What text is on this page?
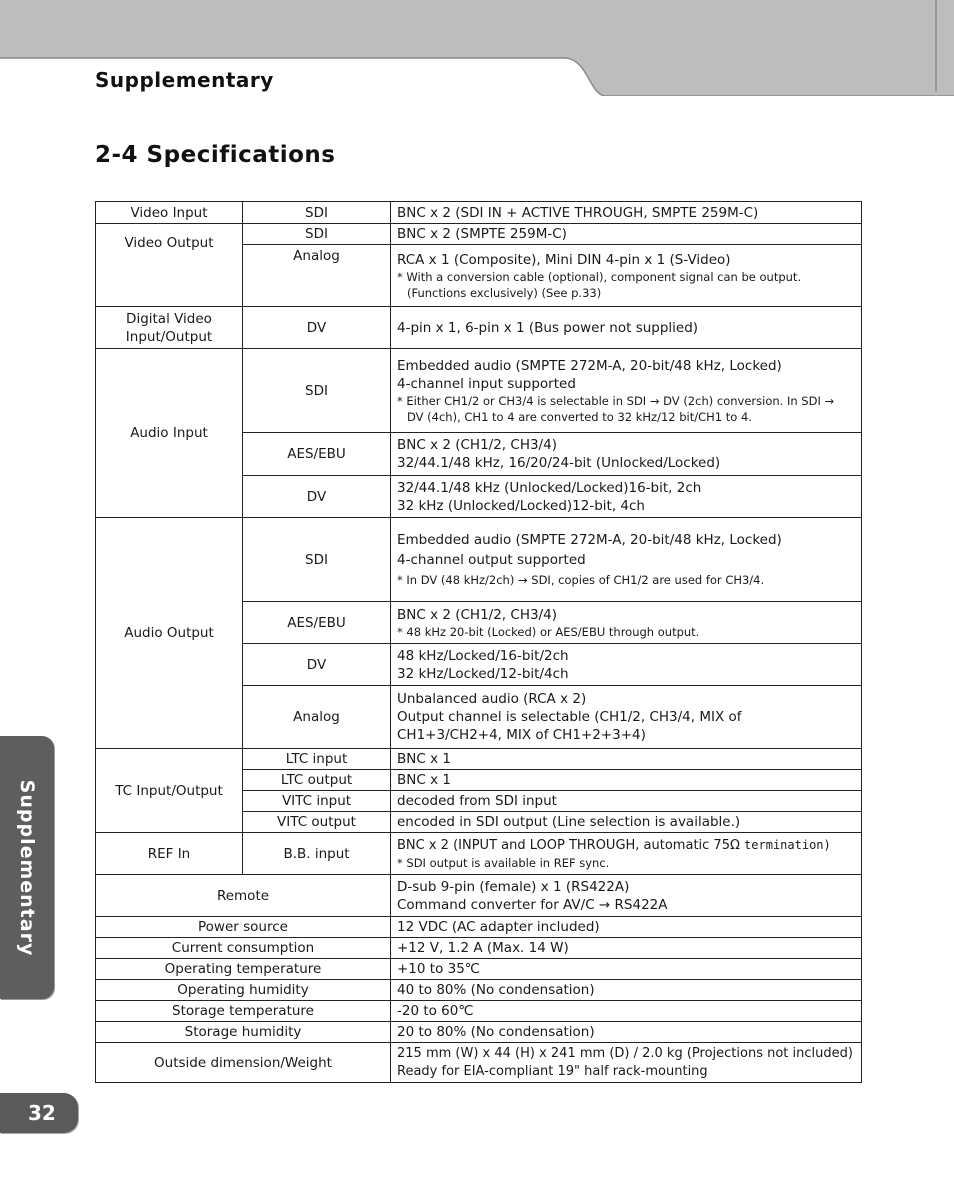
Supplementary
2-4 Specifications
Supplementary
32
Video Input	SDI	BNC x 2 (SDI IN + ACTIVE THROUGH, SMPTE 259M-C)
Video Output	SDI	BNC x 2 (SMPTE 259M-C)
	Analog	RCA x 1 (Composite), Mini DIN 4-pin x 1 (S-Video)
* With a conversion cable (optional), component signal can be output.
(Functions exclusively) (See p.33)

Digital Video
Input/Output	DV	4-pin x 1, 6-pin x 1 (Bus power not supplied)
Audio Input	SDI	Embedded audio (SMPTE 272M-A, 20-bit/48 kHz, Locked)
4-channel input supported
* Either CH1/2 or CH3/4 is selectable in SDI → DV (2ch) conversion. In SDI →
DV (4ch), CH1 to 4 are converted to 32 kHz/12 bit/CH1 to 4.

	AES/EBU	BNC x 2 (CH1/2, CH3/4)
32/44.1/48 kHz, 16/20/24-bit (Unlocked/Locked)

	DV	32/44.1/48 kHz (Unlocked/Locked)16-bit, 2ch
32 kHz (Unlocked/Locked)12-bit, 4ch

Audio Output	SDI	Embedded audio (SMPTE 272M-A, 20-bit/48 kHz, Locked)
4-channel output supported
* In DV (48 kHz/2ch) → SDI, copies of CH1/2 are used for CH3/4.

	AES/EBU	BNC x 2 (CH1/2, CH3/4)
* 48 kHz 20-bit (Locked) or AES/EBU through output.

	DV	48 kHz/Locked/16-bit/2ch
32 kHz/Locked/12-bit/4ch

	Analog	Unbalanced audio (RCA x 2)
Output channel is selectable (CH1/2, CH3/4, MIX of
CH1+3/CH2+4, MIX of CH1+2+3+4)

TC Input/Output	LTC input	BNC x 1
	LTC output	BNC x 1
	VITC input	decoded from SDI input
	VITC output	encoded in SDI output (Line selection is available.)
REF In	B.B. input	BNC x 2 (INPUT and LOOP THROUGH, automatic 75Ω termination)
* SDI output is available in REF sync.

Remote		D-sub 9-pin (female) x 1 (RS422A)
Command converter for AV/C → RS422A

Power source		12 VDC (AC adapter included)
Current consumption		+12 V, 1.2 A (Max. 14 W)
Operating temperature		+10 to 35℃
Operating humidity		40 to 80% (No condensation)
Storage temperature		-20 to 60℃
Storage humidity		20 to 80% (No condensation)
Outside dimension/Weight		215 mm (W) x 44 (H) x 241 mm (D) / 2.0 kg (Projections not included)
Ready for EIA-compliant 19" half rack-mounting
